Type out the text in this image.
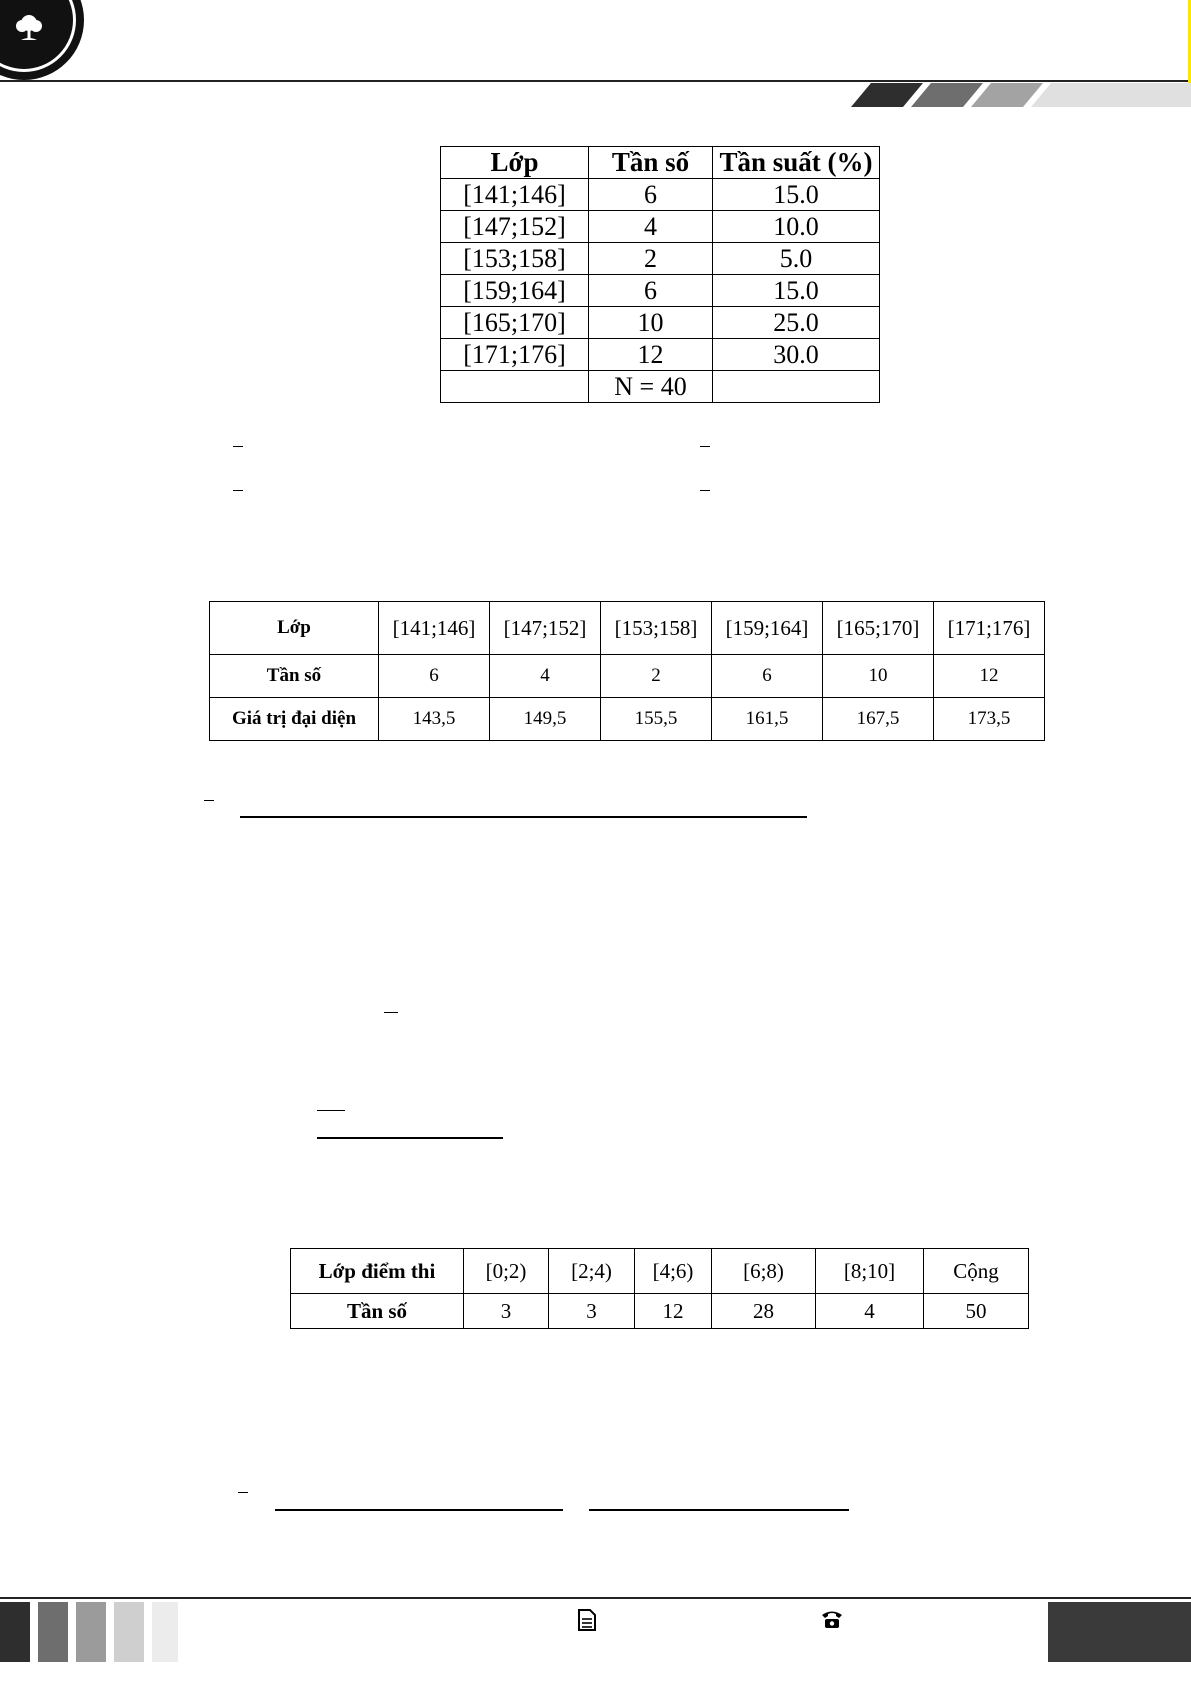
Lớp	Tần số	Tần suất (%)
[141;146]	6	15.0
[147;152]	4	10.0
[153;158]	2	5.0
[159;164]	6	15.0
[165;170]	10	25.0
[171;176]	12	30.0
	N = 40	
Lớp	[141;146]	[147;152]	[153;158]	[159;164]	[165;170]	[171;176]
Tần số	6	4	2	6	10	12
Giá trị đại diện	143,5	149,5	155,5	161,5	167,5	173,5
Lớp điểm thi	[0;2)	[2;4)	[4;6)	[6;8)	[8;10]	Cộng
Tần số	3	3	12	28	4	50
